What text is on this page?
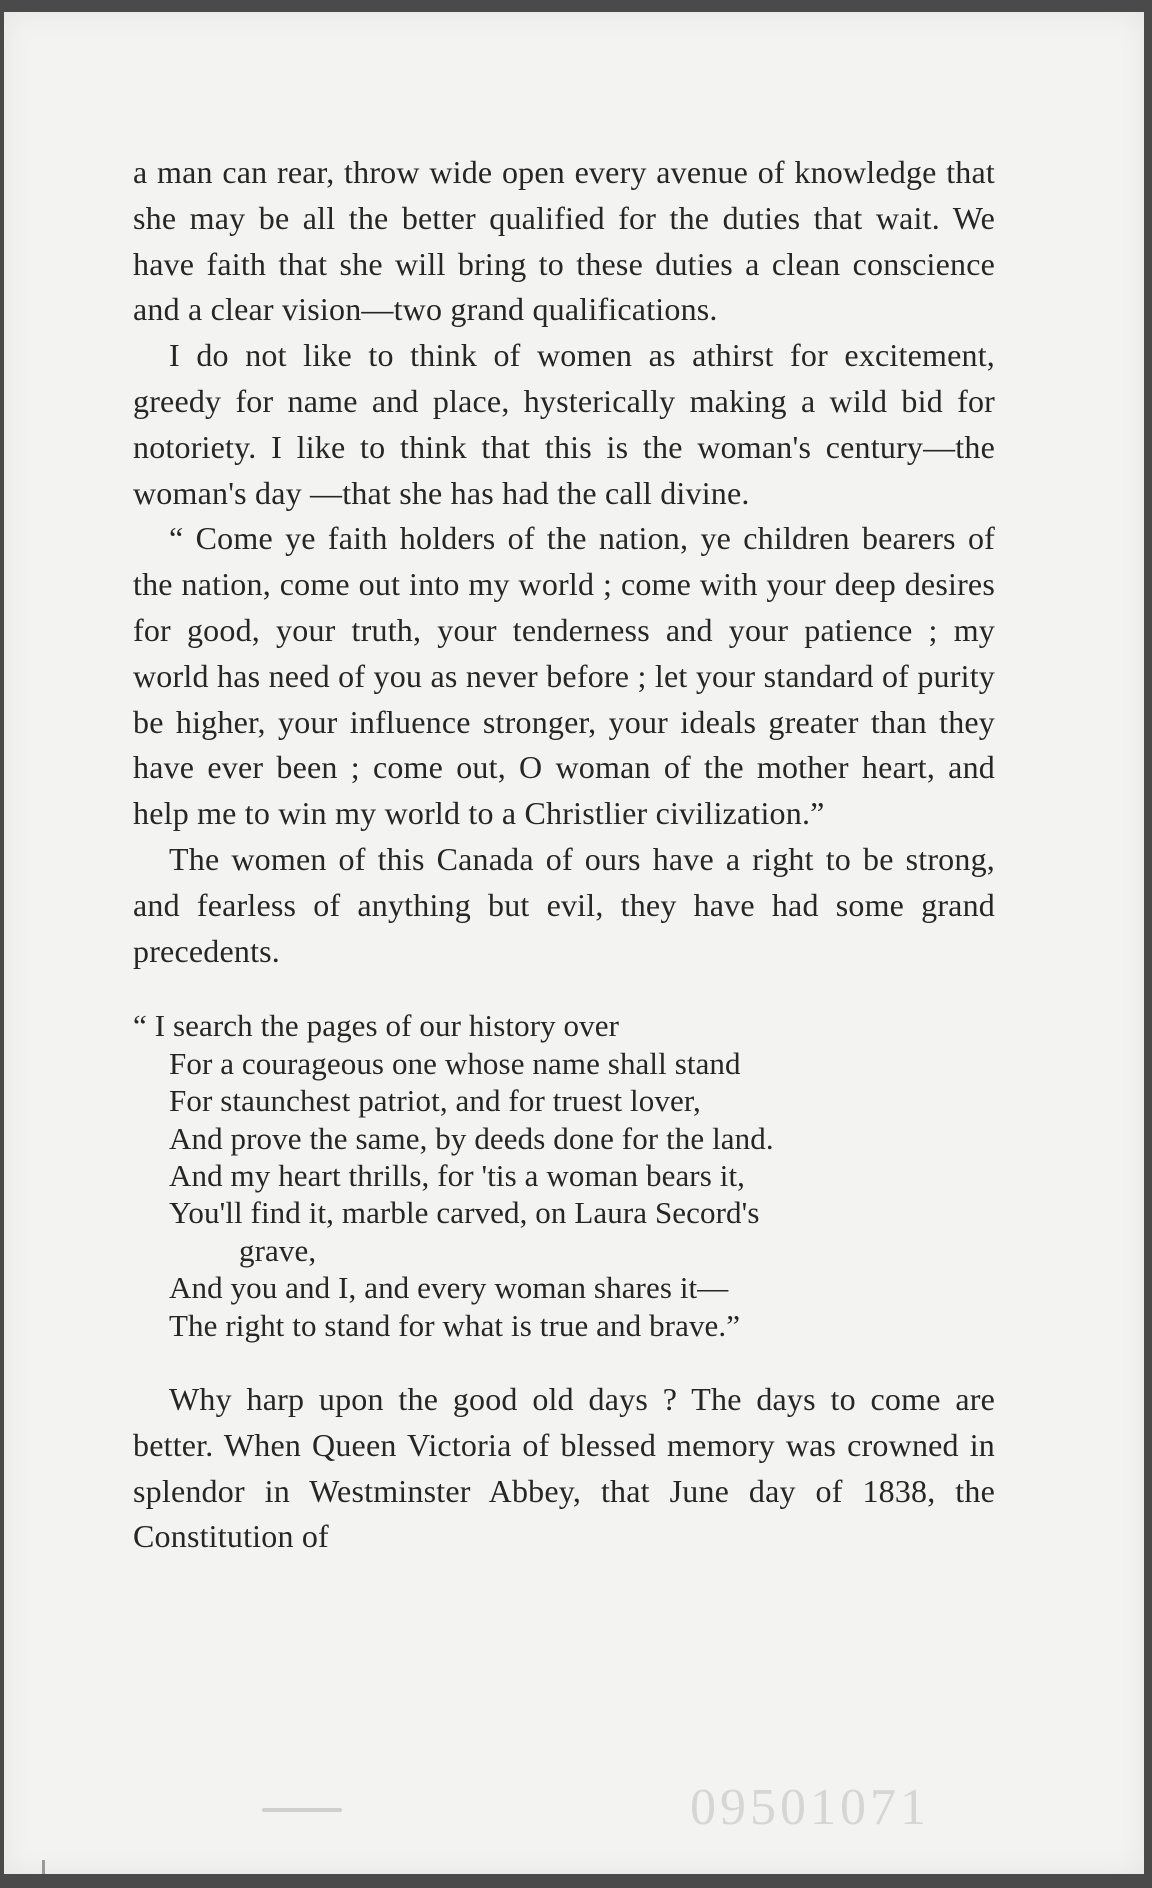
a man can rear, throw wide open every avenue of knowledge that she may be all the better qualified for the duties that wait. We have faith that she will bring to these duties a clean conscience and a clear vision—two grand qualifications.

I do not like to think of women as athirst for excitement, greedy for name and place, hysterically making a wild bid for notoriety. I like to think that this is the woman's century—the woman's day —that she has had the call divine.

“ Come ye faith holders of the nation, ye children bearers of the nation, come out into my world ; come with your deep desires for good, your truth, your tenderness and your patience ; my world has need of you as never before ; let your standard of purity be higher, your influence stronger, your ideals greater than they have ever been ; come out, O woman of the mother heart, and help me to win my world to a Christlier civilization.”

The women of this Canada of ours have a right to be strong, and fearless of anything but evil, they have had some grand precedents.

“ I search the pages of our history over
For a courageous one whose name shall stand
For staunchest patriot, and for truest lover,
And prove the same, by deeds done for the land.
And my heart thrills, for 'tis a woman bears it,
You'll find it, marble carved, on Laura Secord's
grave,
And you and I, and every woman shares it—
The right to stand for what is true and brave.”

Why harp upon the good old days ? The days to come are better. When Queen Victoria of blessed memory was crowned in splendor in Westminster Abbey, that June day of 1838, the Constitution of

09501071
